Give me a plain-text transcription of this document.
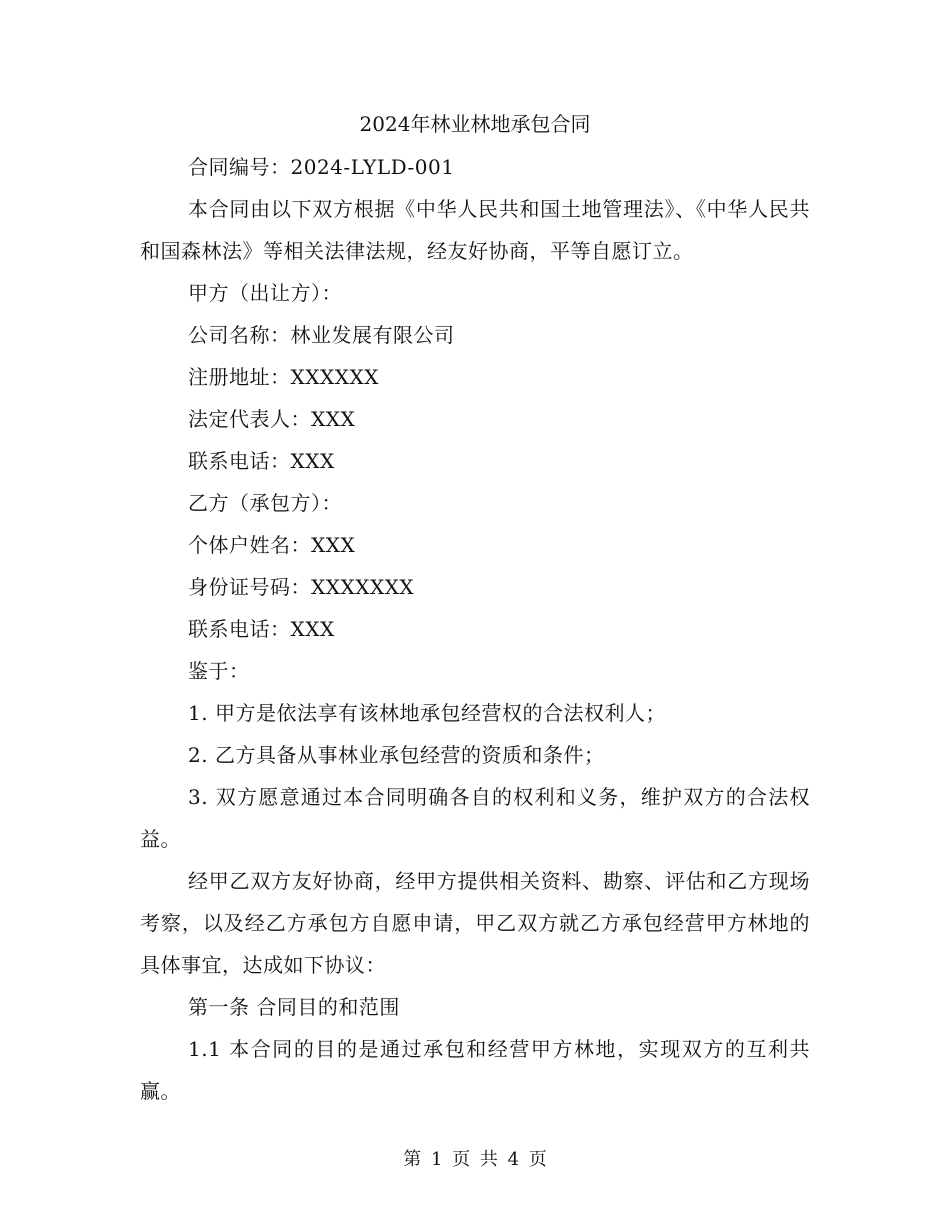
2024年林业林地承包合同

合同编号：2024-LYLD-001

本合同由以下双方根据《中华人民共和国土地管理法》、《中华人民共和国森林法》等相关法律法规，经友好协商，平等自愿订立。

甲方（出让方）：

公司名称：林业发展有限公司

注册地址：XXXXXX

法定代表人：XXX

联系电话：XXX

乙方（承包方）：

个体户姓名：XXX

身份证号码：XXXXXXX

联系电话：XXX

鉴于：

1. 甲方是依法享有该林地承包经营权的合法权利人；

2. 乙方具备从事林业承包经营的资质和条件；

3. 双方愿意通过本合同明确各自的权利和义务，维护双方的合法权益。

经甲乙双方友好协商，经甲方提供相关资料、勘察、评估和乙方现场考察，以及经乙方承包方自愿申请，甲乙双方就乙方承包经营甲方林地的具体事宜，达成如下协议：

第一条 合同目的和范围

1.1 本合同的目的是通过承包和经营甲方林地，实现双方的互利共赢。

第 1 页 共 4 页
